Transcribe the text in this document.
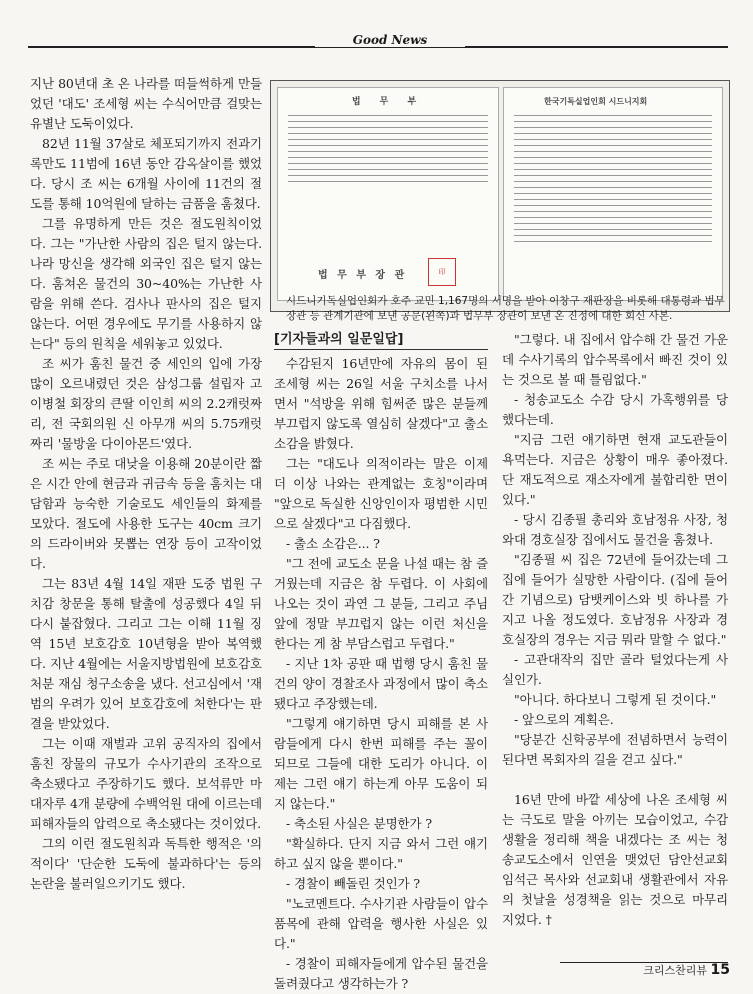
Good News

지난 80년대 초 온 나라를 떠들썩하게 만들었던 '대도' 조세형 씨는 수식어만큼 걸맞는 유별난 도둑이었다.

82년 11월 37살로 체포되기까지 전과기록만도 11범에 16년 동안 감옥살이를 했었다. 당시 조 씨는 6개월 사이에 11건의 절도를 통해 10억원에 달하는 금품을 훔쳤다.

그를 유명하게 만든 것은 절도원칙이었다. 그는 "가난한 사람의 집은 털지 않는다. 나라 망신을 생각해 외국인 집은 털지 않는다. 훔쳐온 물건의 30~40%는 가난한 사람을 위해 쓴다. 검사나 판사의 집은 털지 않는다. 어떤 경우에도 무기를 사용하지 않는다" 등의 원칙을 세워놓고 있었다.

조 씨가 훔친 물건 중 세인의 입에 가장 많이 오르내렸던 것은 삼성그룹 설립자 고 이병철 회장의 큰딸 이인희 씨의 2.2캐럿짜리, 전 국회의원 신 아무개 씨의 5.75캐럿짜리 '물방울 다이아몬드'였다.

조 씨는 주로 대낮을 이용해 20분이란 짧은 시간 안에 현금과 귀금속 등을 훔치는 대담함과 능숙한 기술로도 세인들의 화제를 모았다. 절도에 사용한 도구는 40cm 크기의 드라이버와 못뽑는 연장 등이 고작이었다.

그는 83년 4월 14일 재판 도중 법원 구치감 창문을 통해 탈출에 성공했다 4일 뒤 다시 붙잡혔다. 그리고 그는 이해 11월 징역 15년 보호감호 10년형을 받아 복역했다. 지난 4월에는 서울지방법원에 보호감호 처분 재심 청구소송을 냈다. 선고심에서 '재범의 우려가 있어 보호감호에 처한다'는 판결을 받았었다.

그는 이때 재벌과 고위 공직자의 집에서 훔친 장물의 규모가 수사기관의 조작으로 축소됐다고 주장하기도 했다. 보석류만 마대자루 4개 분량에 수백억원 대에 이르는데 피해자들의 압력으로 축소됐다는 것이었다.

그의 이런 절도원칙과 독특한 행적은 '의적이다' '단순한 도둑에 불과하다'는 등의 논란을 불러일으키기도 했다.

법 무 부
법 무 부 장 관	印
한국기독실업인회 시드니지회
시드니기독실업인회가 호주 교민 1,167명의 서명을 받아 이창구 재판장을 비롯해 대통령과 법무장관 등 관계기관에 보낸 공문(왼쪽)과 법무부 장관이 보낸 온 진정에 대한 회신 사본.
[기자들과의 일문일답]

수감된지 16년만에 자유의 몸이 된 조세형 씨는 26일 서울 구치소를 나서면서 "석방을 위해 힘써준 많은 분들께 부끄럽지 않도록 열심히 살겠다"고 출소 소감을 밝혔다.

그는 "대도나 의적이라는 말은 이제 더 이상 나와는 관계없는 호칭"이라며 "앞으로 독실한 신앙인이자 평범한 시민으로 살겠다"고 다짐했다.

- 출소 소감은... ?

"그 전에 교도소 문을 나설 때는 참 즐거웠는데 지금은 참 두렵다. 이 사회에 나오는 것이 과연 그 분들, 그리고 주님앞에 정말 부끄럽지 않는 이런 처신을 한다는 게 참 부담스럽고 두렵다."

- 지난 1차 공판 때 법행 당시 훔친 물건의 양이 경찰조사 과정에서 많이 축소됐다고 주장했는데.

"그렇게 얘기하면 당시 피해를 본 사람들에게 다시 한번 피해를 주는 꼴이 되므로 그들에 대한 도리가 아니다. 이제는 그런 얘기 하는게 아무 도움이 되지 않는다."

- 축소된 사실은 분명한가 ?

"확실하다. 단지 지금 와서 그런 얘기 하고 싶지 않을 뿐이다."

- 경찰이 빼돌린 것인가 ?

"노코멘트다. 수사기관 사람들이 압수품목에 관해 압력을 행사한 사실은 있다."

- 경찰이 피해자들에게 압수된 물건을 돌려줬다고 생각하는가 ?

"그렇다. 내 집에서 압수해 간 물건 가운데 수사기록의 압수목록에서 빠진 것이 있는 것으로 볼 때 틀림없다."

- 청송교도소 수감 당시 가혹행위를 당했다는데.

"지금 그런 얘기하면 현재 교도관들이 욕먹는다. 지금은 상황이 매우 좋아졌다. 단 재도적으로 재소자에게 불합리한 면이 있다."

- 당시 김종필 총리와 호남정유 사장, 청와대 경호실장 집에서도 물건을 훔쳤나.

"김종필 씨 집은 72년에 들어갔는데 그집에 들어가 실망한 사람이다. (집에 들어간 기념으로) 담뱃케이스와 빗 하나를 가지고 나올 정도였다. 호남정유 사장과 경호실장의 경우는 지금 뭐라 말할 수 없다."

- 고관대작의 집만 골라 털었다는게 사실인가.

"아니다. 하다보니 그렇게 된 것이다."

- 앞으로의 계획은.

"당분간 신학공부에 전념하면서 능력이 된다면 목회자의 길을 걷고 싶다."

16년 만에 바깥 세상에 나온 조세형 씨는 극도로 말을 아끼는 모습이었고, 수감생활을 정리해 책을 내겠다는 조 씨는 청송교도소에서 인연을 맺었던 담안선교회 임석근 목사와 선교회내 생활관에서 자유의 첫날을 성경책을 읽는 것으로 마무리 지었다. †

크리스찬리뷰 15
